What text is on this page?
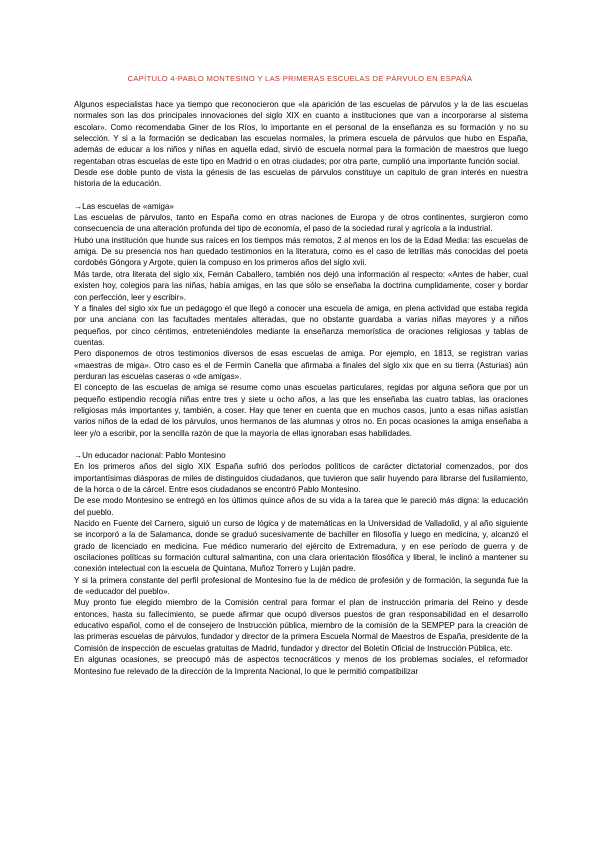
CAPÍTULO 4-PABLO MONTESINO Y LAS PRIMERAS ESCUELAS DE PÁRVULO EN ESPAÑA

Algunos especialistas hace ya tiempo que reconocieron que «la aparición de las escuelas de párvulos y la de las escuelas normales son las dos principales innovaciones del siglo XIX en cuanto a instituciones que van a incorporarse al sistema escolar». Como recomendaba Giner de los Ríos, lo importante en el personal de la enseñanza es su formación y no su selección. Y si a la formación se dedicaban las escuelas normales, la primera escuela de párvulos que hubo en España, además de educar a los niños y niñas en aquella edad, sirvió de escuela normal para la formación de maestros que luego regentaban otras escuelas de este tipo en Madrid o en otras ciudades; por otra parte, cumplió una importante función social.

Desde ese doble punto de vista la génesis de las escuelas de párvulos constituye un capítulo de gran interés en nuestra historia de la educación.

→Las escuelas de «amiga»

Las escuelas de párvulos, tanto en España como en otras naciones de Europa y de otros continentes, surgieron como consecuencia de una alteración profunda del tipo de economía, el paso de la sociedad rural y agrícola a la industrial.

Hubo una institución que hunde sus raíces en los tiempos más remotos, 2 al menos en los de la Edad Media: las escuelas de amiga. De su presencia nos han quedado testimonios en la literatura, como es el caso de letrillas más conocidas del poeta cordobés Góngora y Argote, quien la compuso en los primeros años del siglo xvii.

Más tarde, otra literata del siglo xix, Fernán Caballero, también nos dejó una información al respecto: «Antes de haber, cual existen hoy, colegios para las niñas, había amigas, en las que sólo se enseñaba la doctrina cumplidamente, coser y bordar con perfección, leer y escribir».

Y a finales del siglo xix fue un pedagogo el que llegó a conocer una escuela de amiga, en plena actividad que estaba regida por una anciana con las facultades mentales alteradas, que no obstante guardaba a varias niñas mayores y a niños pequeños, por cinco céntimos, entreteniéndoles mediante la enseñanza memorística de oraciones religiosas y tablas de cuentas.

Pero disponemos de otros testimonios diversos de esas escuelas de amiga. Por ejemplo, en 1813, se registran varias «maestras de miga». Otro caso es el de Fermín Canella que afirmaba a finales del siglo xix que en su tierra (Asturias) aún perduran las escuelas caseras o «de amigas».

El concepto de las escuelas de amiga se resume como unas escuelas particulares, regidas por alguna señora que por un pequeño estipendio recogía niñas entre tres y siete u ocho años, a las que les enseñaba las cuatro tablas, las oraciones religiosas más importantes y, también, a coser. Hay que tener en cuenta que en muchos casos, junto a esas niñas asistían varios niños de la edad de los párvulos, unos hermanos de las alumnas y otros no. En pocas ocasiones la amiga enseñaba a leer y/o a escribir, por la sencilla razón de que la mayoría de ellas ignoraban esas habilidades.

→Un educador nacional: Pablo Montesino

En los primeros años del siglo XIX España sufrió dos períodos políticos de carácter dictatorial comenzados, por dos importantísimas diásporas de miles de distinguidos ciudadanos, que tuvieron que salir huyendo para librarse del fusilamiento, de la horca o de la cárcel. Entre esos ciudadanos se encontró Pablo Montesino.

De ese modo Montesino se entregó en los últimos quince años de su vida a la tarea que le pareció más digna: la educación del pueblo.

Nacido en Fuente del Carnero, siguió un curso de lógica y de matemáticas en la Universidad de Valladolid, y al año siguiente se incorporó a la de Salamanca, donde se graduó sucesivamente de bachiller en filosofía y luego en medicina, y, alcanzó el grado de licenciado en medicina. Fue médico numerario del ejército de Extremadura, y en ese período de guerra y de oscilaciones políticas su formación cultural salmantina, con una clara orientación filosófica y liberal, le inclinó a mantener su conexión intelectual con la escuela de Quintana, Muñoz Torrero y Luján padre.

Y si la primera constante del perfil profesional de Montesino fue la de médico de profesión y de formación, la segunda fue la de «educador del pueblo».

Muy pronto fue elegido miembro de la Comisión central para formar el plan de instrucción primaria del Reino y desde entonces, hasta su fallecimiento, se puede afirmar que ocupó diversos puestos de gran responsabilidad en el desarrollo educativo español, como el de consejero de Instrucción pública, miembro de la comisión de la SEMPEP para la creación de las primeras escuelas de párvulos, fundador y director de la primera Escuela Normal de Maestros de España, presidente de la Comisión de inspección de escuelas gratuitas de Madrid, fundador y director del Boletín Oficial de Instrucción Pública, etc.

En algunas ocasiones, se preocupó más de aspectos tecnocráticos y menos de los problemas sociales, el reformador Montesino fue relevado de la dirección de la Imprenta Nacional, lo que le permitió compatibilizar
